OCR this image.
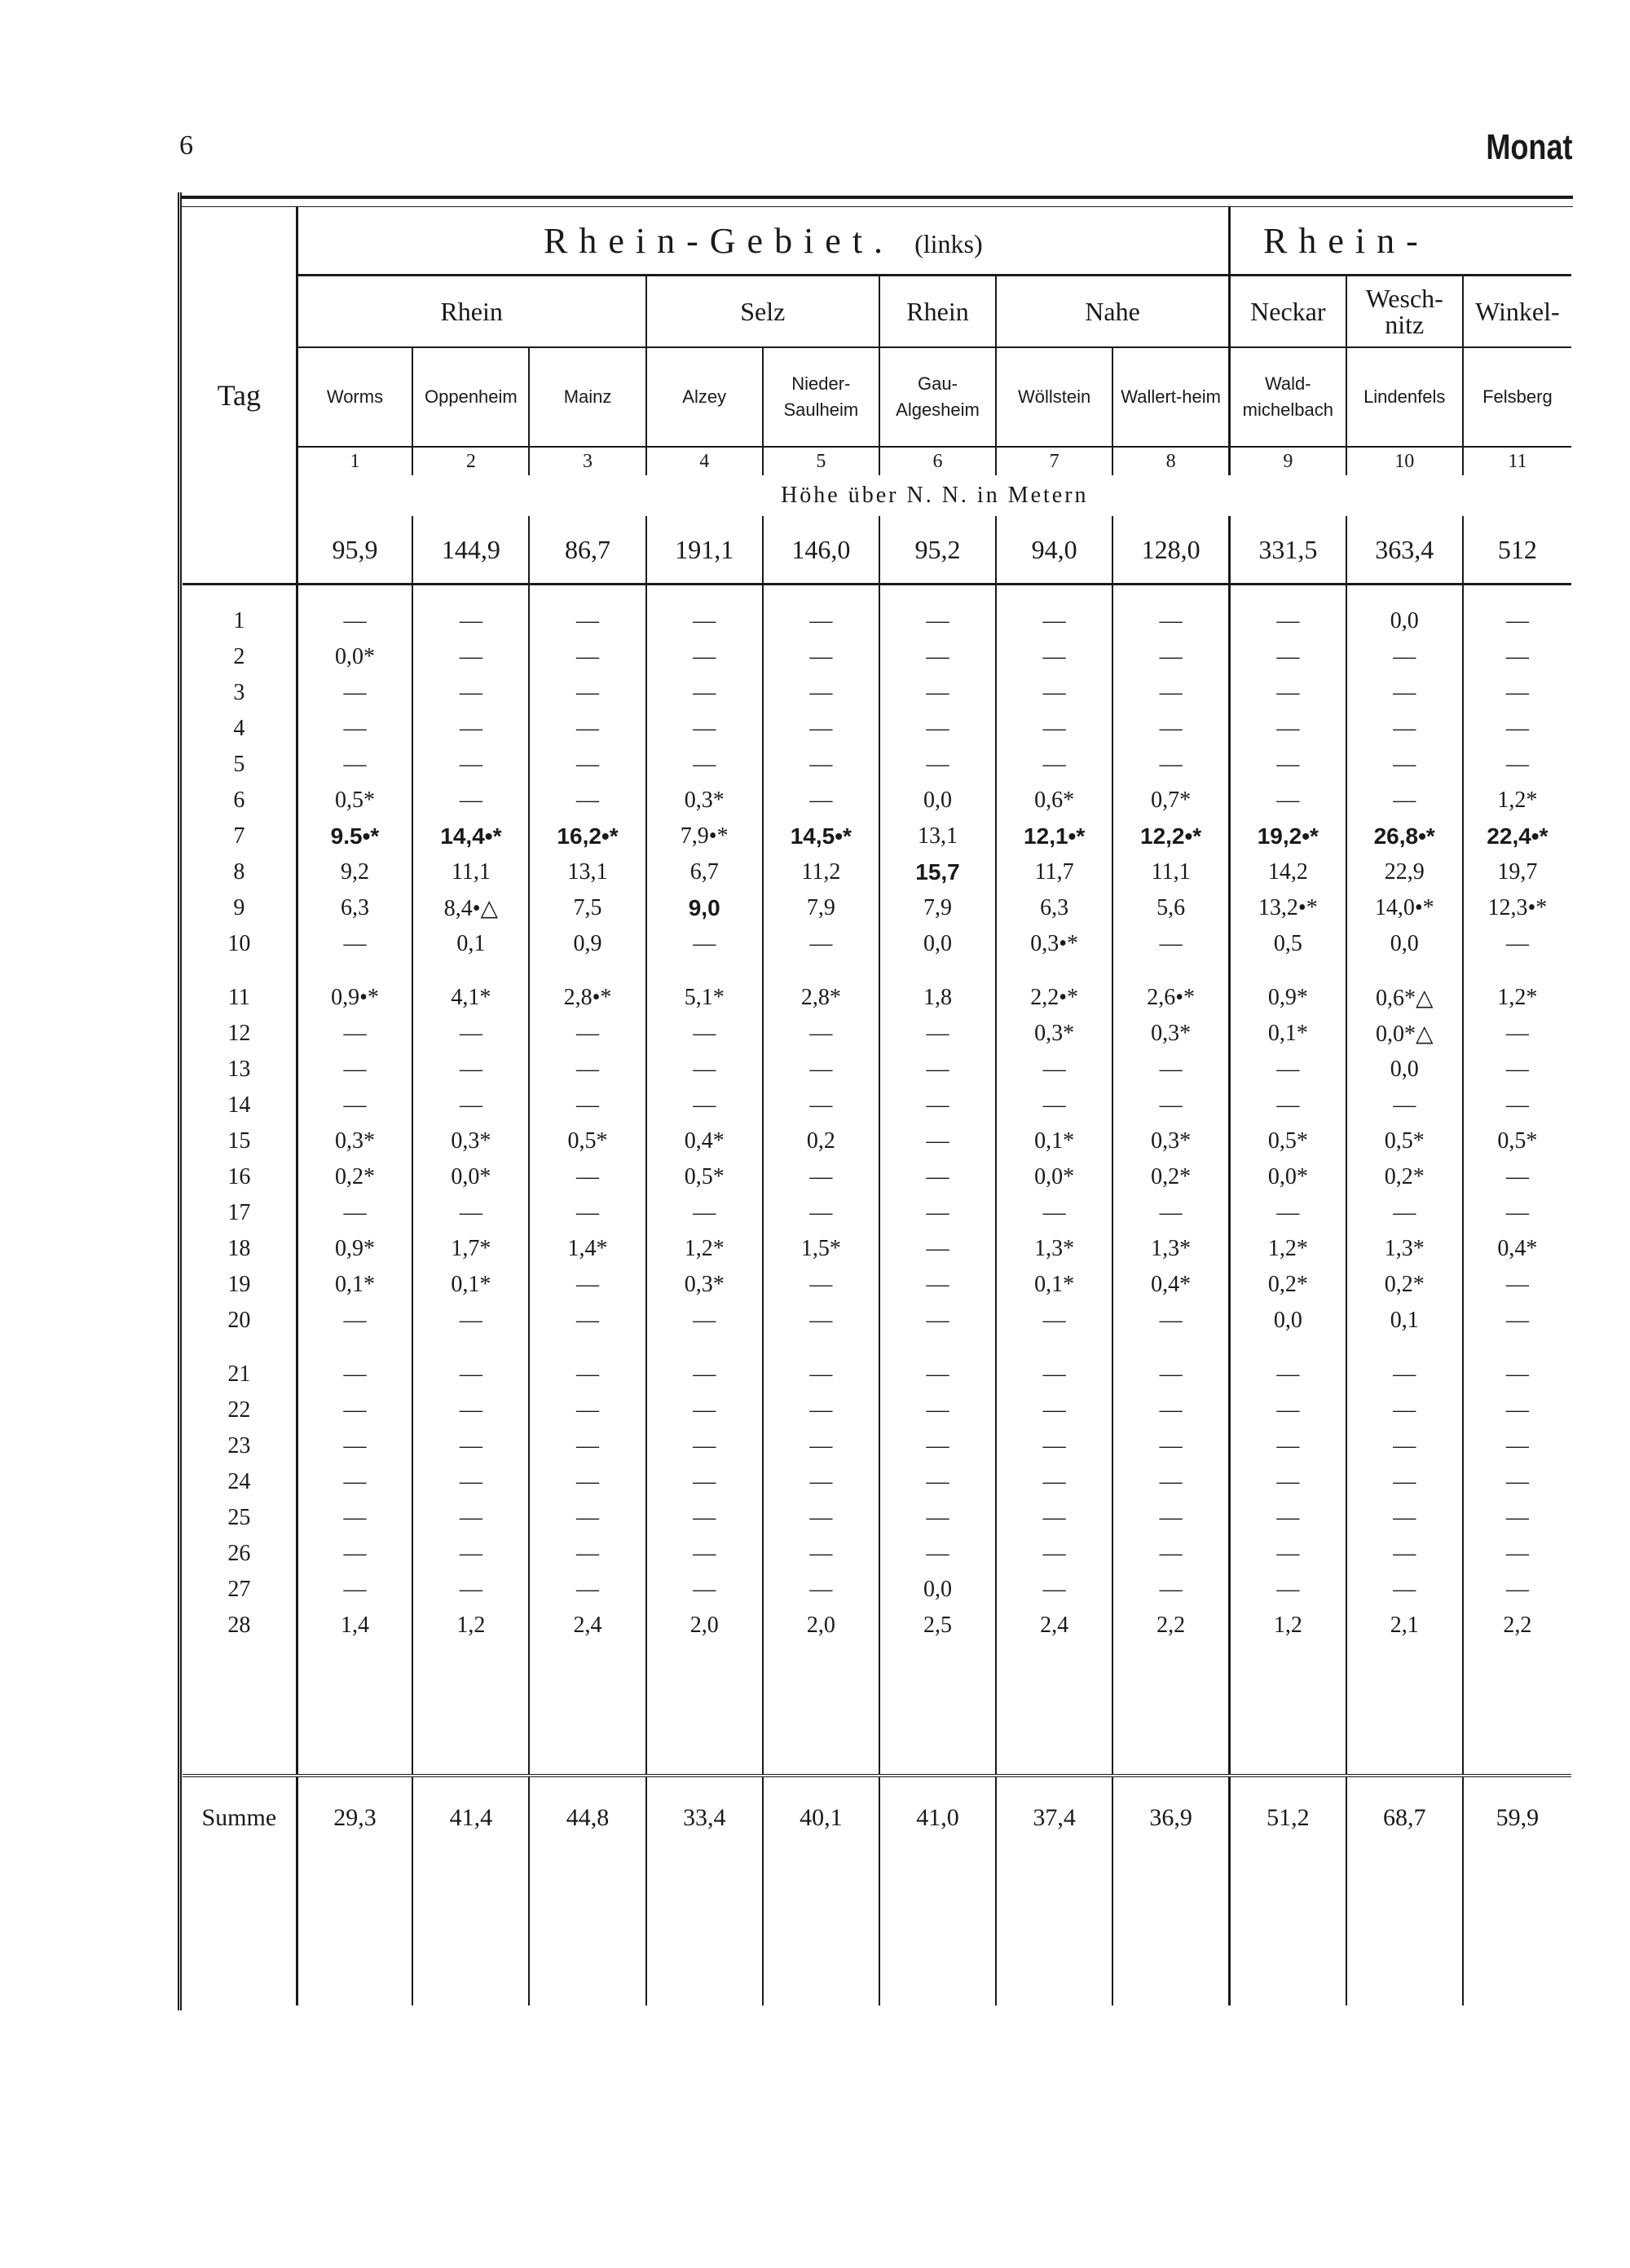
6	Monat
Tag	Rhein-Gebiet. (links)								Rhein-		
	Rhein			Selz		Rhein	Nahe		Neckar	Wesch-nitz	Winkel-
	Worms	Oppenheim	Mainz	Alzey	Nieder-Saulheim	Gau-Algesheim	Wöllstein	Wallert-heim	Wald-michelbach	Lindenfels	Felsberg
	1	2	3	4	5	6	7	8	9	10	11
	Höhe über N. N. in Metern										
	95,9	144,9	86,7	191,1	146,0	95,2	94,0	128,0	331,5	363,4	512

1	—	—	—	—	—	—	—	—	—	0,0	—
2	0,0*	—	—	—	—	—	—	—	—	—	—
3	—	—	—	—	—	—	—	—	—	—	—
4	—	—	—	—	—	—	—	—	—	—	—
5	—	—	—	—	—	—	—	—	—	—	—
6	0,5*	—	—	0,3*	—	0,0	0,6*	0,7*	—	—	1,2*
7	9.5•*	14,4•*	16,2•*	7,9•*	14,5•*	13,1	12,1•*	12,2•*	19,2•*	26,8•*	22,4•*
8	9,2	11,1	13,1	6,7	11,2	15,7	11,7	11,1	14,2	22,9	19,7
9	6,3	8,4•△	7,5	9,0	7,9	7,9	6,3	5,6	13,2•*	14,0•*	12,3•*
10	—	0,1	0,9	—	—	0,0	0,3•*	—	0,5	0,0	—

11	0,9•*	4,1*	2,8•*	5,1*	2,8*	1,8	2,2•*	2,6•*	0,9*	0,6*△	1,2*
12	—	—	—	—	—	—	0,3*	0,3*	0,1*	0,0*△	—
13	—	—	—	—	—	—	—	—	—	0,0	—
14	—	—	—	—	—	—	—	—	—	—	—
15	0,3*	0,3*	0,5*	0,4*	0,2	—	0,1*	0,3*	0,5*	0,5*	0,5*
16	0,2*	0,0*	—	0,5*	—	—	0,0*	0,2*	0,0*	0,2*	—
17	—	—	—	—	—	—	—	—	—	—	—
18	0,9*	1,7*	1,4*	1,2*	1,5*	—	1,3*	1,3*	1,2*	1,3*	0,4*
19	0,1*	0,1*	—	0,3*	—	—	0,1*	0,4*	0,2*	0,2*	—
20	—	—	—	—	—	—	—	—	0,0	0,1	—

21	—	—	—	—	—	—	—	—	—	—	—
22	—	—	—	—	—	—	—	—	—	—	—
23	—	—	—	—	—	—	—	—	—	—	—
24	—	—	—	—	—	—	—	—	—	—	—
25	—	—	—	—	—	—	—	—	—	—	—
26	—	—	—	—	—	—	—	—	—	—	—
27	—	—	—	—	—	0,0	—	—	—	—	—
28	1,4	1,2	2,4	2,0	2,0	2,5	2,4	2,2	1,2	2,1	2,2

Summe	29,3	41,4	44,8	33,4	40,1	41,0	37,4	36,9	51,2	68,7	59,9
